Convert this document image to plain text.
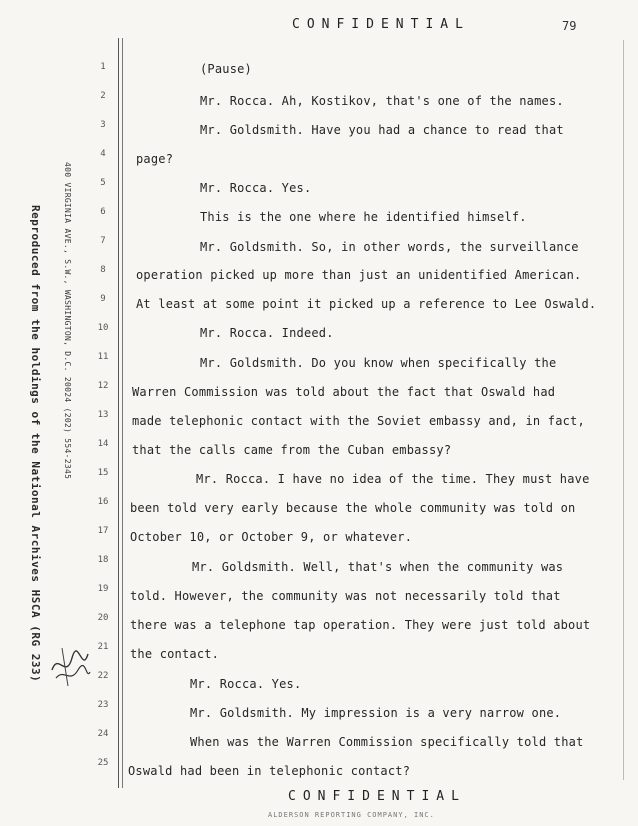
CONFIDENTIAL	79
Reproduced from the holdings of the National Archives HSCA (RG 233)	400 VIRGINIA AVE., S.W., WASHINGTON, D.C. 20024 (202) 554-2345
1
2
3
4
5
6
7
8
9
10
11
12
13
14
15
16
17
18
19
20
21
22
23
24
25
(Pause)
Mr. Rocca. Ah, Kostikov, that's one of the names.
Mr. Goldsmith. Have you had a chance to read that
page?
Mr. Rocca. Yes.
This is the one where he identified himself.
Mr. Goldsmith. So, in other words, the surveillance
operation picked up more than just an unidentified American.
At least at some point it picked up a reference to Lee Oswald.
Mr. Rocca. Indeed.
Mr. Goldsmith. Do you know when specifically the
Warren Commission was told about the fact that Oswald had
made telephonic contact with the Soviet embassy and, in fact,
that the calls came from the Cuban embassy?
Mr. Rocca. I have no idea of the time. They must have
been told very early because the whole community was told on
October 10, or October 9, or whatever.
Mr. Goldsmith. Well, that's when the community was
told. However, the community was not necessarily told that
there was a telephone tap operation. They were just told about
the contact.
Mr. Rocca. Yes.
Mr. Goldsmith. My impression is a very narrow one.
When was the Warren Commission specifically told that
Oswald had been in telephonic contact?
CONFIDENTIAL
ALDERSON REPORTING COMPANY, INC.
